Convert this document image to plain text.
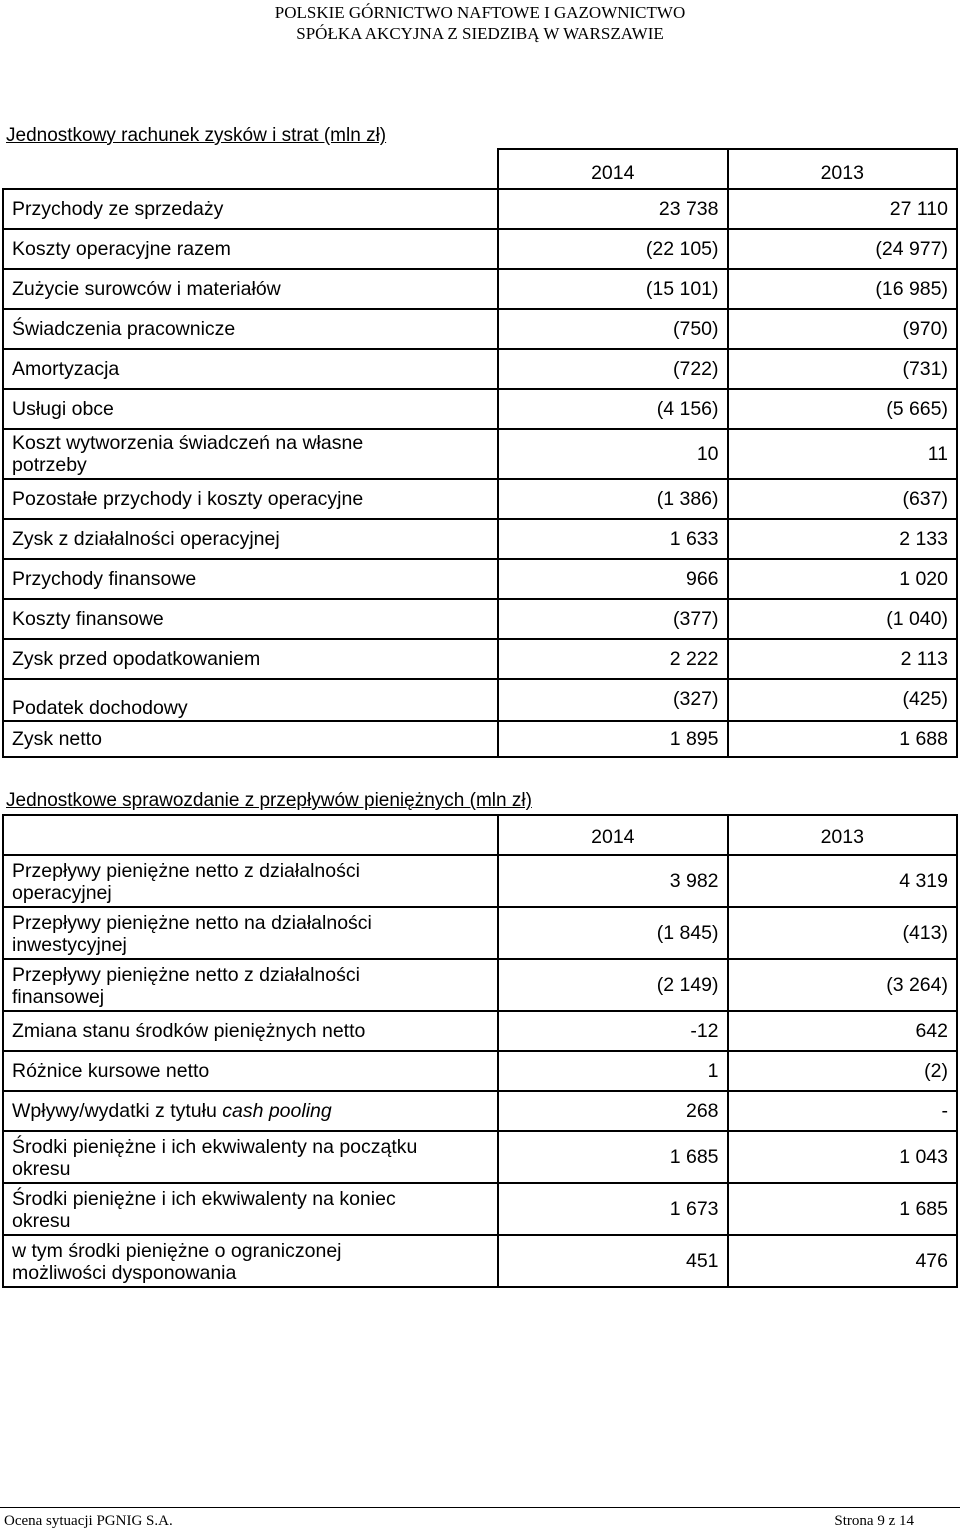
POLSKIE GÓRNICTWO NAFTOWE I GAZOWNICTWO
SPÓŁKA AKCYJNA Z SIEDZIBĄ W WARSZAWIE
Jednostkowy rachunek zysków i strat (mln zł)
	2014	2013
Przychody ze sprzedaży	23 738	27 110
Koszty operacyjne razem	(22 105)	(24 977)
Zużycie surowców i materiałów	(15 101)	(16 985)
Świadczenia pracownicze	(750)	(970)
Amortyzacja	(722)	(731)
Usługi obce	(4 156)	(5 665)
Koszt wytworzenia świadczeń na własne potrzeby	10	11
Pozostałe przychody i koszty operacyjne	(1 386)	(637)
Zysk z działalności operacyjnej	1 633	2 133
Przychody finansowe	966	1 020
Koszty finansowe	(377)	(1 040)
Zysk przed opodatkowaniem	2 222	2 113
Podatek dochodowy	(327)	(425)
Zysk netto	1 895	1 688
Jednostkowe sprawozdanie z przepływów pieniężnych (mln zł)
	2014	2013
Przepływy pieniężne netto z działalności operacyjnej	3 982	4 319
Przepływy pieniężne netto na działalności inwestycyjnej	(1 845)	(413)
Przepływy pieniężne netto z działalności finansowej	(2 149)	(3 264)
Zmiana stanu środków pieniężnych netto	-12	642
Różnice kursowe netto	1	(2)
Wpływy/wydatki z tytułu cash pooling	268	-
Środki pieniężne i ich ekwiwalenty na początku okresu	1 685	1 043
Środki pieniężne i ich ekwiwalenty na koniec okresu	1 673	1 685
w tym środki pieniężne o ograniczonej możliwości dysponowania	451	476
Ocena sytuacji PGNIG S.A.	Strona 9 z 14
